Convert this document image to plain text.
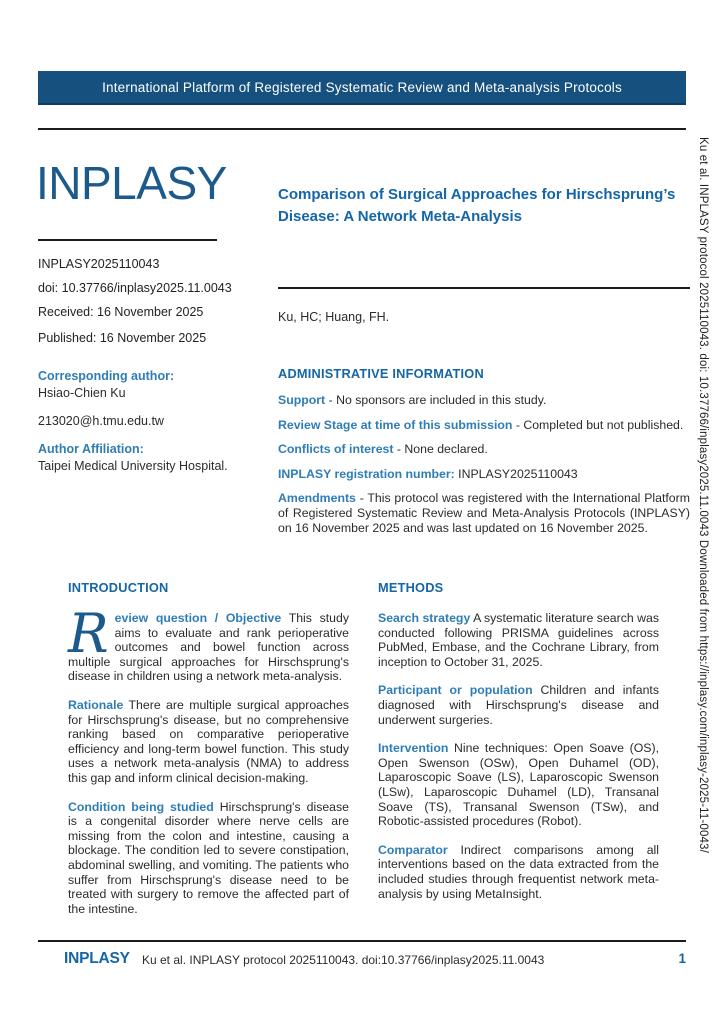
International Platform of Registered Systematic Review and Meta-analysis Protocols
INPLASY
INPLASY2025110043
doi: 10.37766/inplasy2025.11.0043
Received: 16 November 2025
Published: 16 November 2025
Corresponding author:
Hsiao-Chien Ku
213020@h.tmu.edu.tw
Author Affiliation:
Taipei Medical University Hospital.
Comparison of Surgical Approaches for Hirschsprung’s Disease: A Network Meta-Analysis
Ku, HC; Huang, FH.
ADMINISTRATIVE INFORMATION

Support - No sponsors are included in this study.

Review Stage at time of this submission - Completed but not published.

Conflicts of interest - None declared.

INPLASY registration number: INPLASY2025110043

Amendments - This protocol was registered with the International Platform of Registered Systematic Review and Meta-Analysis Protocols (INPLASY) on 16 November 2025 and was last updated on 16 November 2025.

INTRODUCTION

Review question / Objective This study aims to evaluate and rank perioperative outcomes and bowel function across multiple surgical approaches for Hirschsprung's disease in children using a network meta-analysis.

Rationale There are multiple surgical approaches for Hirschsprung's disease, but no comprehensive ranking based on comparative perioperative efficiency and long-term bowel function. This study uses a network meta-analysis (NMA) to address this gap and inform clinical decision-making.

Condition being studied Hirschsprung's disease is a congenital disorder where nerve cells are missing from the colon and intestine, causing a blockage. The condition led to severe constipation, abdominal swelling, and vomiting. The patients who suffer from Hirschsprung's disease need to be treated with surgery to remove the affected part of the intestine.

METHODS

Search strategy A systematic literature search was conducted following PRISMA guidelines across PubMed, Embase, and the Cochrane Library, from inception to October 31, 2025.

Participant or population Children and infants diagnosed with Hirschsprung's disease and underwent surgeries.

Intervention Nine techniques: Open Soave (OS), Open Swenson (OSw), Open Duhamel (OD), Laparoscopic Soave (LS), Laparoscopic Swenson (LSw), Laparoscopic Duhamel (LD), Transanal Soave (TS), Transanal Swenson (TSw), and Robotic-assisted procedures (Robot).

Comparator Indirect comparisons among all interventions based on the data extracted from the included studies through frequentist network meta-analysis by using MetaInsight.

INPLASY Ku et al. INPLASY protocol 2025110043. doi:10.37766/inplasy2025.11.0043	1
Ku et al. INPLASY protocol 2025110043. doi: 10.37766/inplasy2025.11.0043 Downloaded from https://inplasy.com/inplasy-2025-11-0043/
